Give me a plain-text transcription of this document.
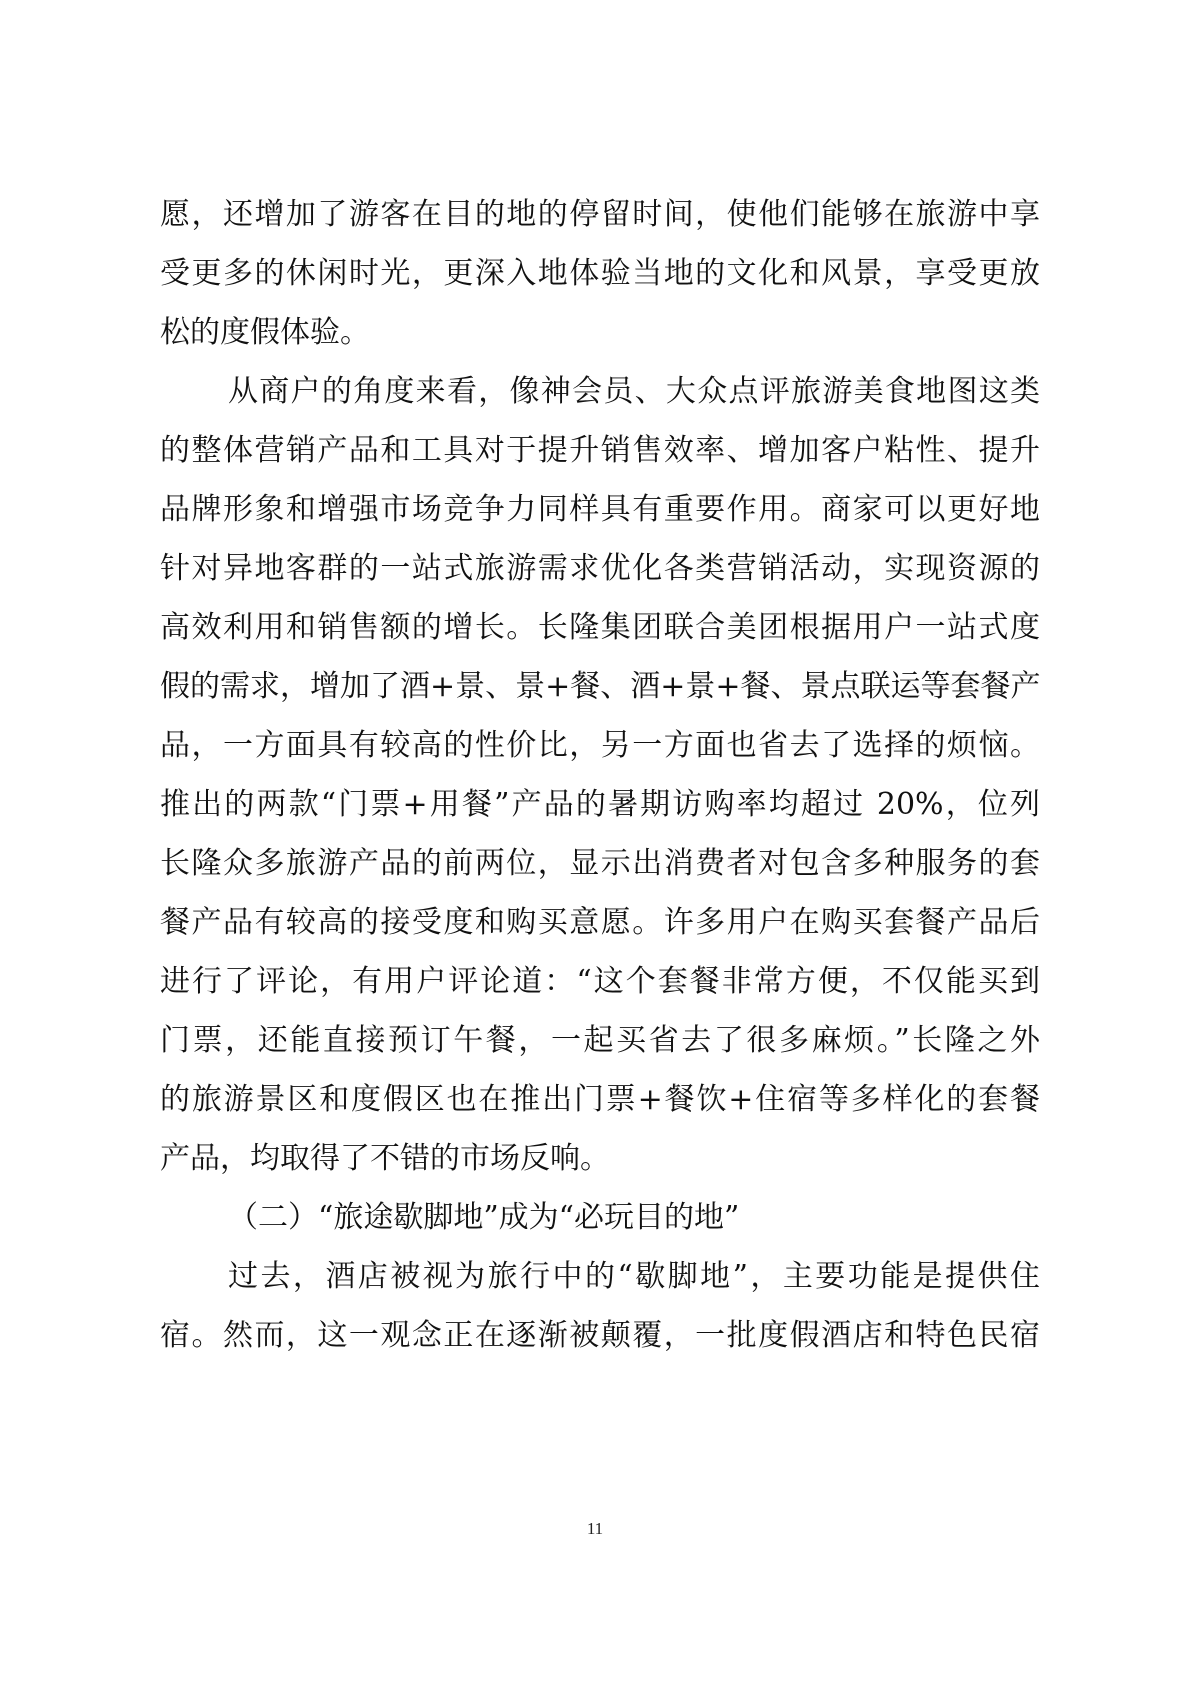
愿，还增加了游客在目的地的停留时间，使他们能够在旅游中享
受更多的休闲时光，更深入地体验当地的文化和风景，享受更放
松的度假体验。
从商户的角度来看，像神会员、大众点评旅游美食地图这类
的整体营销产品和工具对于提升销售效率、增加客户粘性、提升
品牌形象和增强市场竞争力同样具有重要作用。商家可以更好地
针对异地客群的一站式旅游需求优化各类营销活动，实现资源的
高效利用和销售额的增长。长隆集团联合美团根据用户一站式度
假的需求，增加了酒+景、景+餐、酒+景+餐、景点联运等套餐产
品，一方面具有较高的性价比，另一方面也省去了选择的烦恼。
推出的两款“门票+用餐”产品的暑期访购率均超过 20%，位列
长隆众多旅游产品的前两位，显示出消费者对包含多种服务的套
餐产品有较高的接受度和购买意愿。许多用户在购买套餐产品后
进行了评论，有用户评论道：“这个套餐非常方便，不仅能买到
门票，还能直接预订午餐，一起买省去了很多麻烦。”长隆之外
的旅游景区和度假区也在推出门票+餐饮+住宿等多样化的套餐
产品，均取得了不错的市场反响。
（二）“旅途歇脚地”成为“必玩目的地”
过去，酒店被视为旅行中的“歇脚地”，主要功能是提供住
宿。然而，这一观念正在逐渐被颠覆，一批度假酒店和特色民宿
11
